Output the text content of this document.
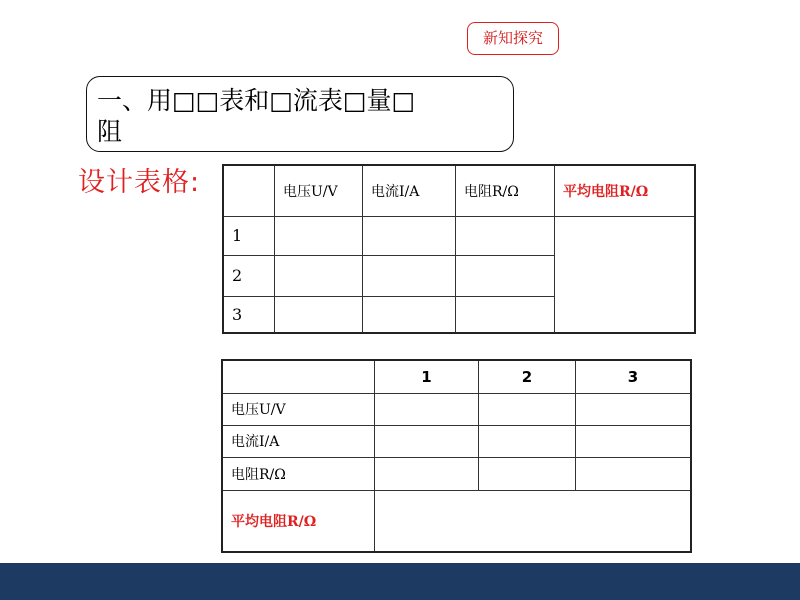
新知探究
一、用□□表和□流表□量□
阻
设计表格:
		电压U/V	电流I/A	电阻R/Ω	平均电阻R/Ω
1				
2				
3				
	1	2	3
电压U/V			
电流I/A			
电阻R/Ω			
平均电阻R/Ω			
